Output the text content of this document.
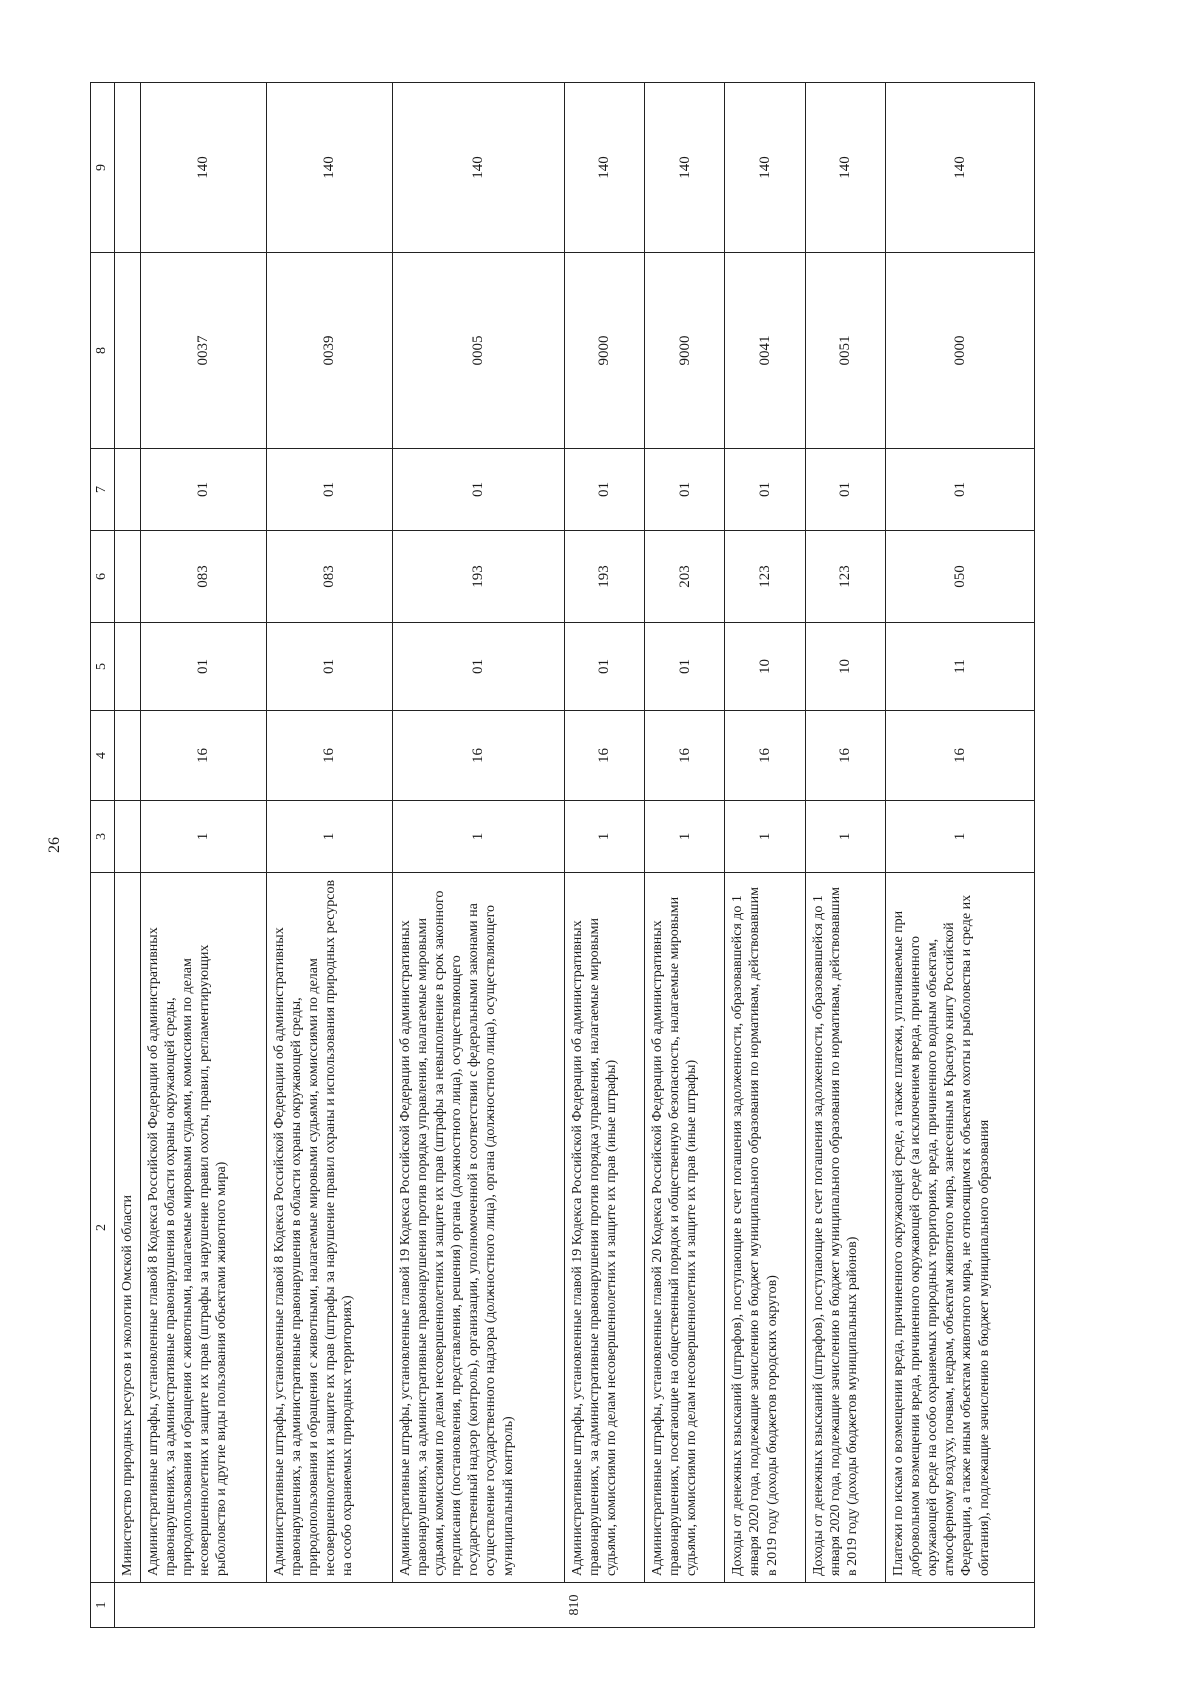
26
1	2	3	4	5	6	7	8	9
810	Министерство природных ресурсов и экологии Омской области							
	Административные штрафы, установленные главой 8 Кодекса Российской Федерации об административных правонарушениях, за административные правонарушения в области охраны окружающей среды, природопользования и обращения с животными, налагаемые мировыми судьями, комиссиями по делам несовершеннолетних и защите их прав (штрафы за нарушение правил охоты, правил, регламентирующих рыболовство и другие виды пользования объектами животного мира)	1	16	01	083	01	0037	140
	Административные штрафы, установленные главой 8 Кодекса Российской Федерации об административных правонарушениях, за административные правонарушения в области охраны окружающей среды, природопользования и обращения с животными, налагаемые мировыми судьями, комиссиями по делам несовершеннолетних и защите их прав (штрафы за нарушение правил охраны и использования природных ресурсов на особо охраняемых природных территориях)	1	16	01	083	01	0039	140
	Административные штрафы, установленные главой 19 Кодекса Российской Федерации об административных правонарушениях, за административные правонарушения против порядка управления, налагаемые мировыми судьями, комиссиями по делам несовершеннолетних и защите их прав (штрафы за невыполнение в срок законного предписания (постановления, представления, решения) органа (должностного лица), осуществляющего государственный надзор (контроль), организации, уполномоченной в соответствии с федеральными законами на осуществление государственного надзора (должностного лица), органа (должностного лица), осуществляющего муниципальный контроль)	1	16	01	193	01	0005	140
	Административные штрафы, установленные главой 19 Кодекса Российской Федерации об административных правонарушениях, за административные правонарушения против порядка управления, налагаемые мировыми судьями, комиссиями по делам несовершеннолетних и защите их прав (иные штрафы)	1	16	01	193	01	9000	140
	Административные штрафы, установленные главой 20 Кодекса Российской Федерации об административных правонарушениях, посягающие на общественный порядок и общественную безопасность, налагаемые мировыми судьями, комиссиями по делам несовершеннолетних и защите их прав (иные штрафы)	1	16	01	203	01	9000	140
	Доходы от денежных взысканий (штрафов), поступающие в счет погашения задолженности, образовавшейся до 1 января 2020 года, подлежащие зачислению в бюджет муниципального образования по нормативам, действовавшим в 2019 году (доходы бюджетов городских округов)	1	16	10	123	01	0041	140
	Доходы от денежных взысканий (штрафов), поступающие в счет погашения задолженности, образовавшейся до 1 января 2020 года, подлежащие зачислению в бюджет муниципального образования по нормативам, действовавшим в 2019 году (доходы бюджетов муниципальных районов)	1	16	10	123	01	0051	140
	Платежи по искам о возмещении вреда, причиненного окружающей среде, а также платежи, уплачиваемые при добровольном возмещении вреда, причиненного окружающей среде (за исключением вреда, причиненного окружающей среде на особо охраняемых природных территориях, вреда, причиненного водным объектам, атмосферному воздуху, почвам, недрам, объектам животного мира, занесенным в Красную книгу Российской Федерации, а также иным объектам животного мира, не относящимся к объектам охоты и рыболовства и среде их обитания), подлежащие зачислению в бюджет муниципального образования	1	16	11	050	01	0000	140
